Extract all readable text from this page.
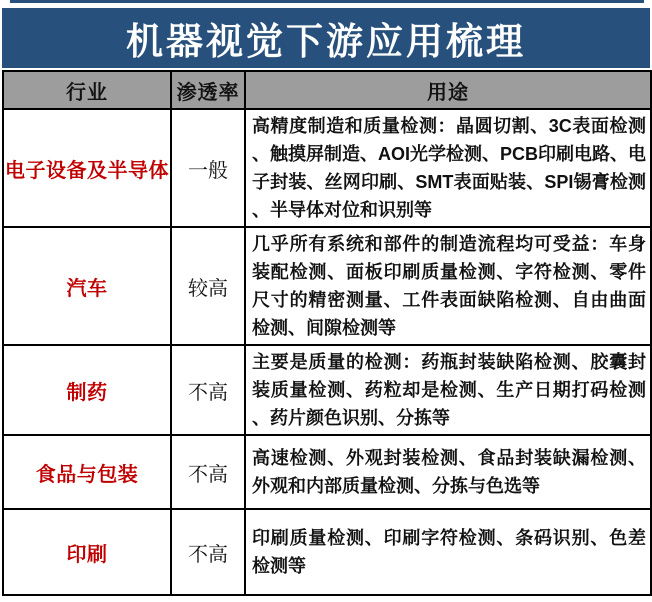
机器视觉下游应用梳理
行业	渗透率	用途
电子设备及半导体	一般	高精度制造和质量检测：晶圆切割、3C表面检测、触摸屏制造、AOI光学检测、PCB印刷电路、电子封装、丝网印刷、SMT表面贴装、SPI锡膏检测、半导体对位和识别等
汽车	较高	几乎所有系统和部件的制造流程均可受益：车身装配检测、面板印刷质量检测、字符检测、零件尺寸的精密测量、工件表面缺陷检测、自由曲面检测、间隙检测等
制药	不高	主要是质量的检测：药瓶封装缺陷检测、胶囊封装质量检测、药粒却是检测、生产日期打码检测、药片颜色识别、分拣等
食品与包装	不高	高速检测、外观封装检测、食品封装缺漏检测、外观和内部质量检测、分拣与色选等
印刷	不高	印刷质量检测、印刷字符检测、条码识别、色差检测等
